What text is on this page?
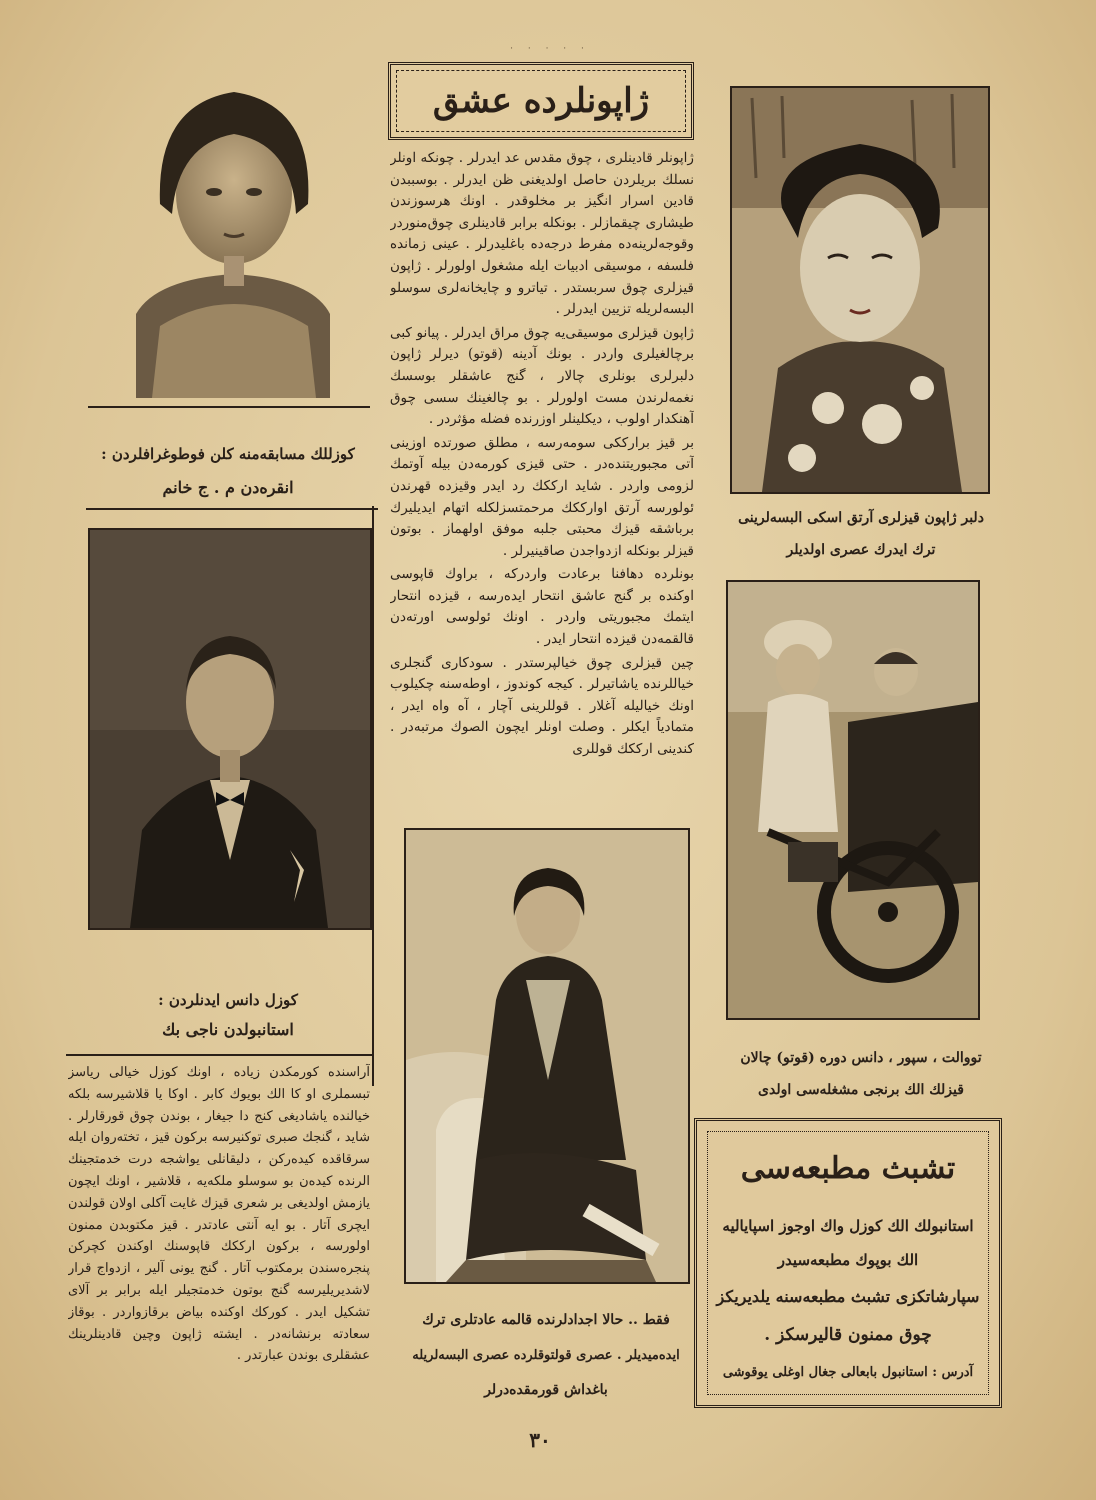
· · · · ·
ژاپونلرده عشق
كوزللك مسابقه‌منه کلن فوطوغرافلردن :
انقره‌دن م . ج خانم
كوزل دانس ایدنلردن :
استانبولدن ناجی بك
آراسنده كورمکدن زیاده ، اونك كوزل خیالی ریاسز تبسملری او کا الك بویوك کابر . اوکا یا قلاشیرسه بلکه خیالنده یاشادیغی کنج دا جیغار ، بوندن چوق قورقارلر . شاید ، گنجك صبری توكنیرسه برکون قیز ، تخته‌روان ایله سرقاقده کیده‌رکن ، دلیقانلی یواشجه درت خدمتجینك الرنده کیده‌ن بو سوسلو ملکه‌یه ، قلاشیر ، اونك ایچون یازمش اولدیغی بر شعری قیزك غایت آكلی اولان قولندن ایچری آتار . بو ایه آنتی عادتدر . قیز مکتوبدن ممنون اولورسه ، برکون ارككك قاپوسنك اوکندن کچرکن پنجره‌سندن برمکتوب آتار . گنج یونی آلیر ، ازدواج قرار لاشدیریلیرسه گنج بوتون خدمتجیلر ایله برابر بر آلای تشکیل ایدر . كوركك اوکنده بیاض برقازواردر . بوقاز سعادته برنشانه‌در . ایشته ژاپون وچین قادینلرینك عشقلری بوندن عبارتدر .

ژاپونلر قادینلری ، چوق مقدس عد ایدرلر . چونکه اونلر نسلك بریلردن حاصل اولدیغنی ظن ایدرلر . بوسببدن قادین اسرار انگیز بر مخلوقدر . اونك هرسوزندن طیشاری چیقمازلر . بونکله برابر قادینلری چوق‌منوردر وقوجه‌لرینه‌ده مفرط درجه‌ده باغلیدرلر . عینی زمانده فلسفه ، موسیقی ادبیات ایله مشغول اولورلر . ژاپون قیزلری چوق سربستدر . تیاترو و چایخانه‌لری سوسلو البسه‌لریله تزیین ایدرلر .

ژاپون قیزلری موسیقی‌یه چوق مراق ایدرلر . پیانو كبی برچالغیلری واردر . بونك آدینه (قوتو) دیرلر ژاپون دلبرلری بونلری چالار ، گنج عاشقلر بوسسك نغمه‌لرندن مست اولورلر . بو چالغینك سسی چوق آهنكدار اولوب ، دیکلینلر اوزرنده فضله مؤثردر .

بر قیز برارككی سومه‌رسه ، مطلق صورتده اوزینی آتی مجبوریتنده‌در . حتی قیزی کورمه‌دن بیله آوتمك لزومی واردر . شاید ارككك رد ایدر وقیزده قهرندن ئولورسه آرتق اوارككك مرحمتسزلکله اتهام ایدیلیرك برباشقه قیزك محبتی جلبه موفق اولهماز . بوتون قیزلر بونکله ازدواجدن صاقینیرلر .

بونلرده دهافنا برعادت واردركه ، براوك قاپوسی اوکنده بر گنج عاشق انتحار ایده‌رسه ، قیزده انتحار ایتمك مجبوریتی واردر . اونك ئولوسی اورته‌دن قالقمه‌دن قیزده انتحار ایدر .

چین قیزلری چوق خیالپرستدر . سودكاری گنجلری خیاللرنده یاشاتیرلر . كیجه كوندوز ، اوطه‌سنه چكیلوب اونك خیالیله آغلار . قوللرینی آچار ، آه واه ایدر ، متمادیاً ایكلر . وصلت اونلر ایچون الصوك مرتبه‌در . كندینی ارككك قوللری

فقط .. حالا اجدادلرنده قالمه عادتلری ترك
ایده‌میدیلر . عصری قولتوقلرده عصری البسه‌لریله
باغداش قورمقده‌درلر
دلبر ژاپون قیزلری آرتق اسكی البسه‌لرینی
ترك ایدرك عصری اولدیلر
تووالت ، سپور ، دانس دوره (قوتو) چالان
قیزلك الك برنجی مشغله‌سی اولدی
تشبث مطبعه‌سی
استانبولك الك كوزل واك اوجوز اسپایالیه
الك بوپوك مطبعه‌سیدر
سپارشاتكزی تشبث مطبعه‌سنه یلدیریكز
چوق ممنون قالیرسكز .
آدرس : استانبول بابعالی جغال اوغلی یوقوشی
٣٠
